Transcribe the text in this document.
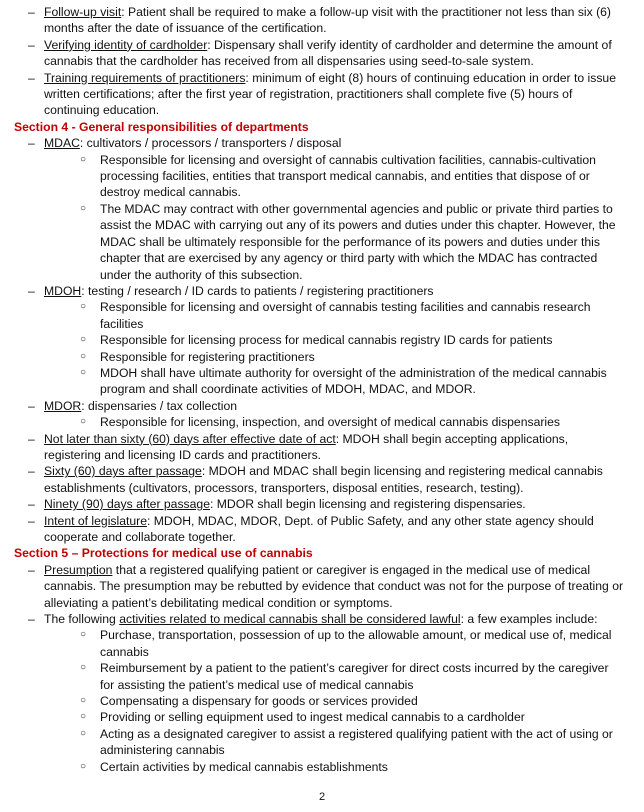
– Follow-up visit: Patient shall be required to make a follow-up visit with the practitioner not less than six (6) months after the date of issuance of the certification.
– Verifying identity of cardholder: Dispensary shall verify identity of cardholder and determine the amount of cannabis that the cardholder has received from all dispensaries using seed-to-sale system.
– Training requirements of practitioners: minimum of eight (8) hours of continuing education in order to issue written certifications; after the first year of registration, practitioners shall complete five (5) hours of continuing education.
Section 4 - General responsibilities of departments
– MDAC: cultivators / processors / transporters / disposal
○ Responsible for licensing and oversight of cannabis cultivation facilities, cannabis-cultivation processing facilities, entities that transport medical cannabis, and entities that dispose of or destroy medical cannabis.
○ The MDAC may contract with other governmental agencies and public or private third parties to assist the MDAC with carrying out any of its powers and duties under this chapter. However, the MDAC shall be ultimately responsible for the performance of its powers and duties under this chapter that are exercised by any agency or third party with which the MDAC has contracted under the authority of this subsection.
– MDOH: testing / research / ID cards to patients / registering practitioners
○ Responsible for licensing and oversight of cannabis testing facilities and cannabis research facilities
○ Responsible for licensing process for medical cannabis registry ID cards for patients
○ Responsible for registering practitioners
○ MDOH shall have ultimate authority for oversight of the administration of the medical cannabis program and shall coordinate activities of MDOH, MDAC, and MDOR.
– MDOR: dispensaries / tax collection
○ Responsible for licensing, inspection, and oversight of medical cannabis dispensaries
– Not later than sixty (60) days after effective date of act: MDOH shall begin accepting applications, registering and licensing ID cards and practitioners.
– Sixty (60) days after passage: MDOH and MDAC shall begin licensing and registering medical cannabis establishments (cultivators, processors, transporters, disposal entities, research, testing).
– Ninety (90) days after passage: MDOR shall begin licensing and registering dispensaries.
– Intent of legislature: MDOH, MDAC, MDOR, Dept. of Public Safety, and any other state agency should cooperate and collaborate together.
Section 5 – Protections for medical use of cannabis
– Presumption that a registered qualifying patient or caregiver is engaged in the medical use of medical cannabis. The presumption may be rebutted by evidence that conduct was not for the purpose of treating or alleviating a patient’s debilitating medical condition or symptoms.
– The following activities related to medical cannabis shall be considered lawful: a few examples include:
○ Purchase, transportation, possession of up to the allowable amount, or medical use of, medical cannabis
○ Reimbursement by a patient to the patient’s caregiver for direct costs incurred by the caregiver for assisting the patient’s medical use of medical cannabis
○ Compensating a dispensary for goods or services provided
○ Providing or selling equipment used to ingest medical cannabis to a cardholder
○ Acting as a designated caregiver to assist a registered qualifying patient with the act of using or administering cannabis
○ Certain activities by medical cannabis establishments
2
